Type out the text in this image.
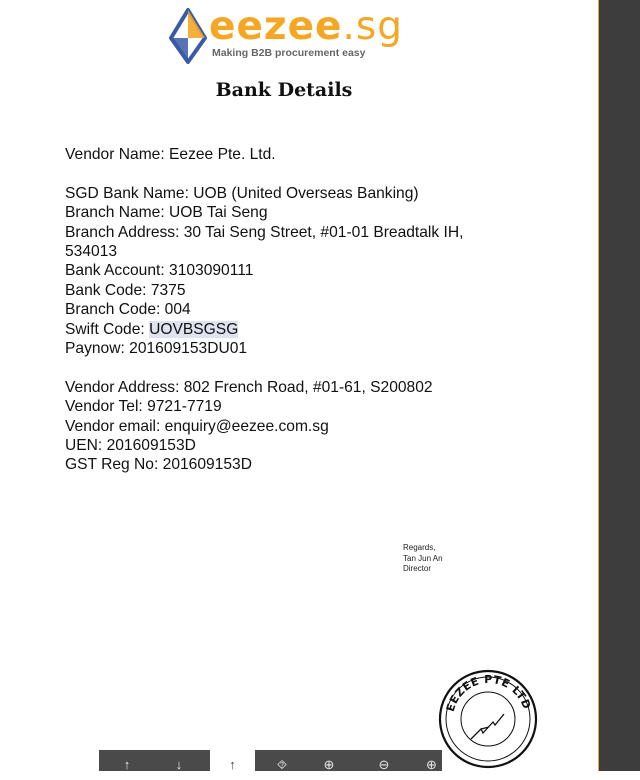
eezee.sg
Making B2B procurement easy
Bank Details
Vendor Name: Eezee Pte. Ltd.
SGD Bank Name: UOB (United Overseas Banking)
Branch Name: UOB Tai Seng
Branch Address: 30 Tai Seng Street, #01-01 Breadtalk IH,
534013
Bank Account: 3103090111
Bank Code: 7375
Branch Code: 004
Swift Code: UOVBSGSG
Paynow: 201609153DU01
Vendor Address: 802 French Road, #01-61, S200802
Vendor Tel: 9721-7719
Vendor email: enquiry@eezee.com.sg
UEN: 201609153D
GST Reg No: 201609153D
Regards,
Tan Jun An
Director
EEZEE PTE LTD
↑	↓	↑	⯑	⊕	⊖	⊕
